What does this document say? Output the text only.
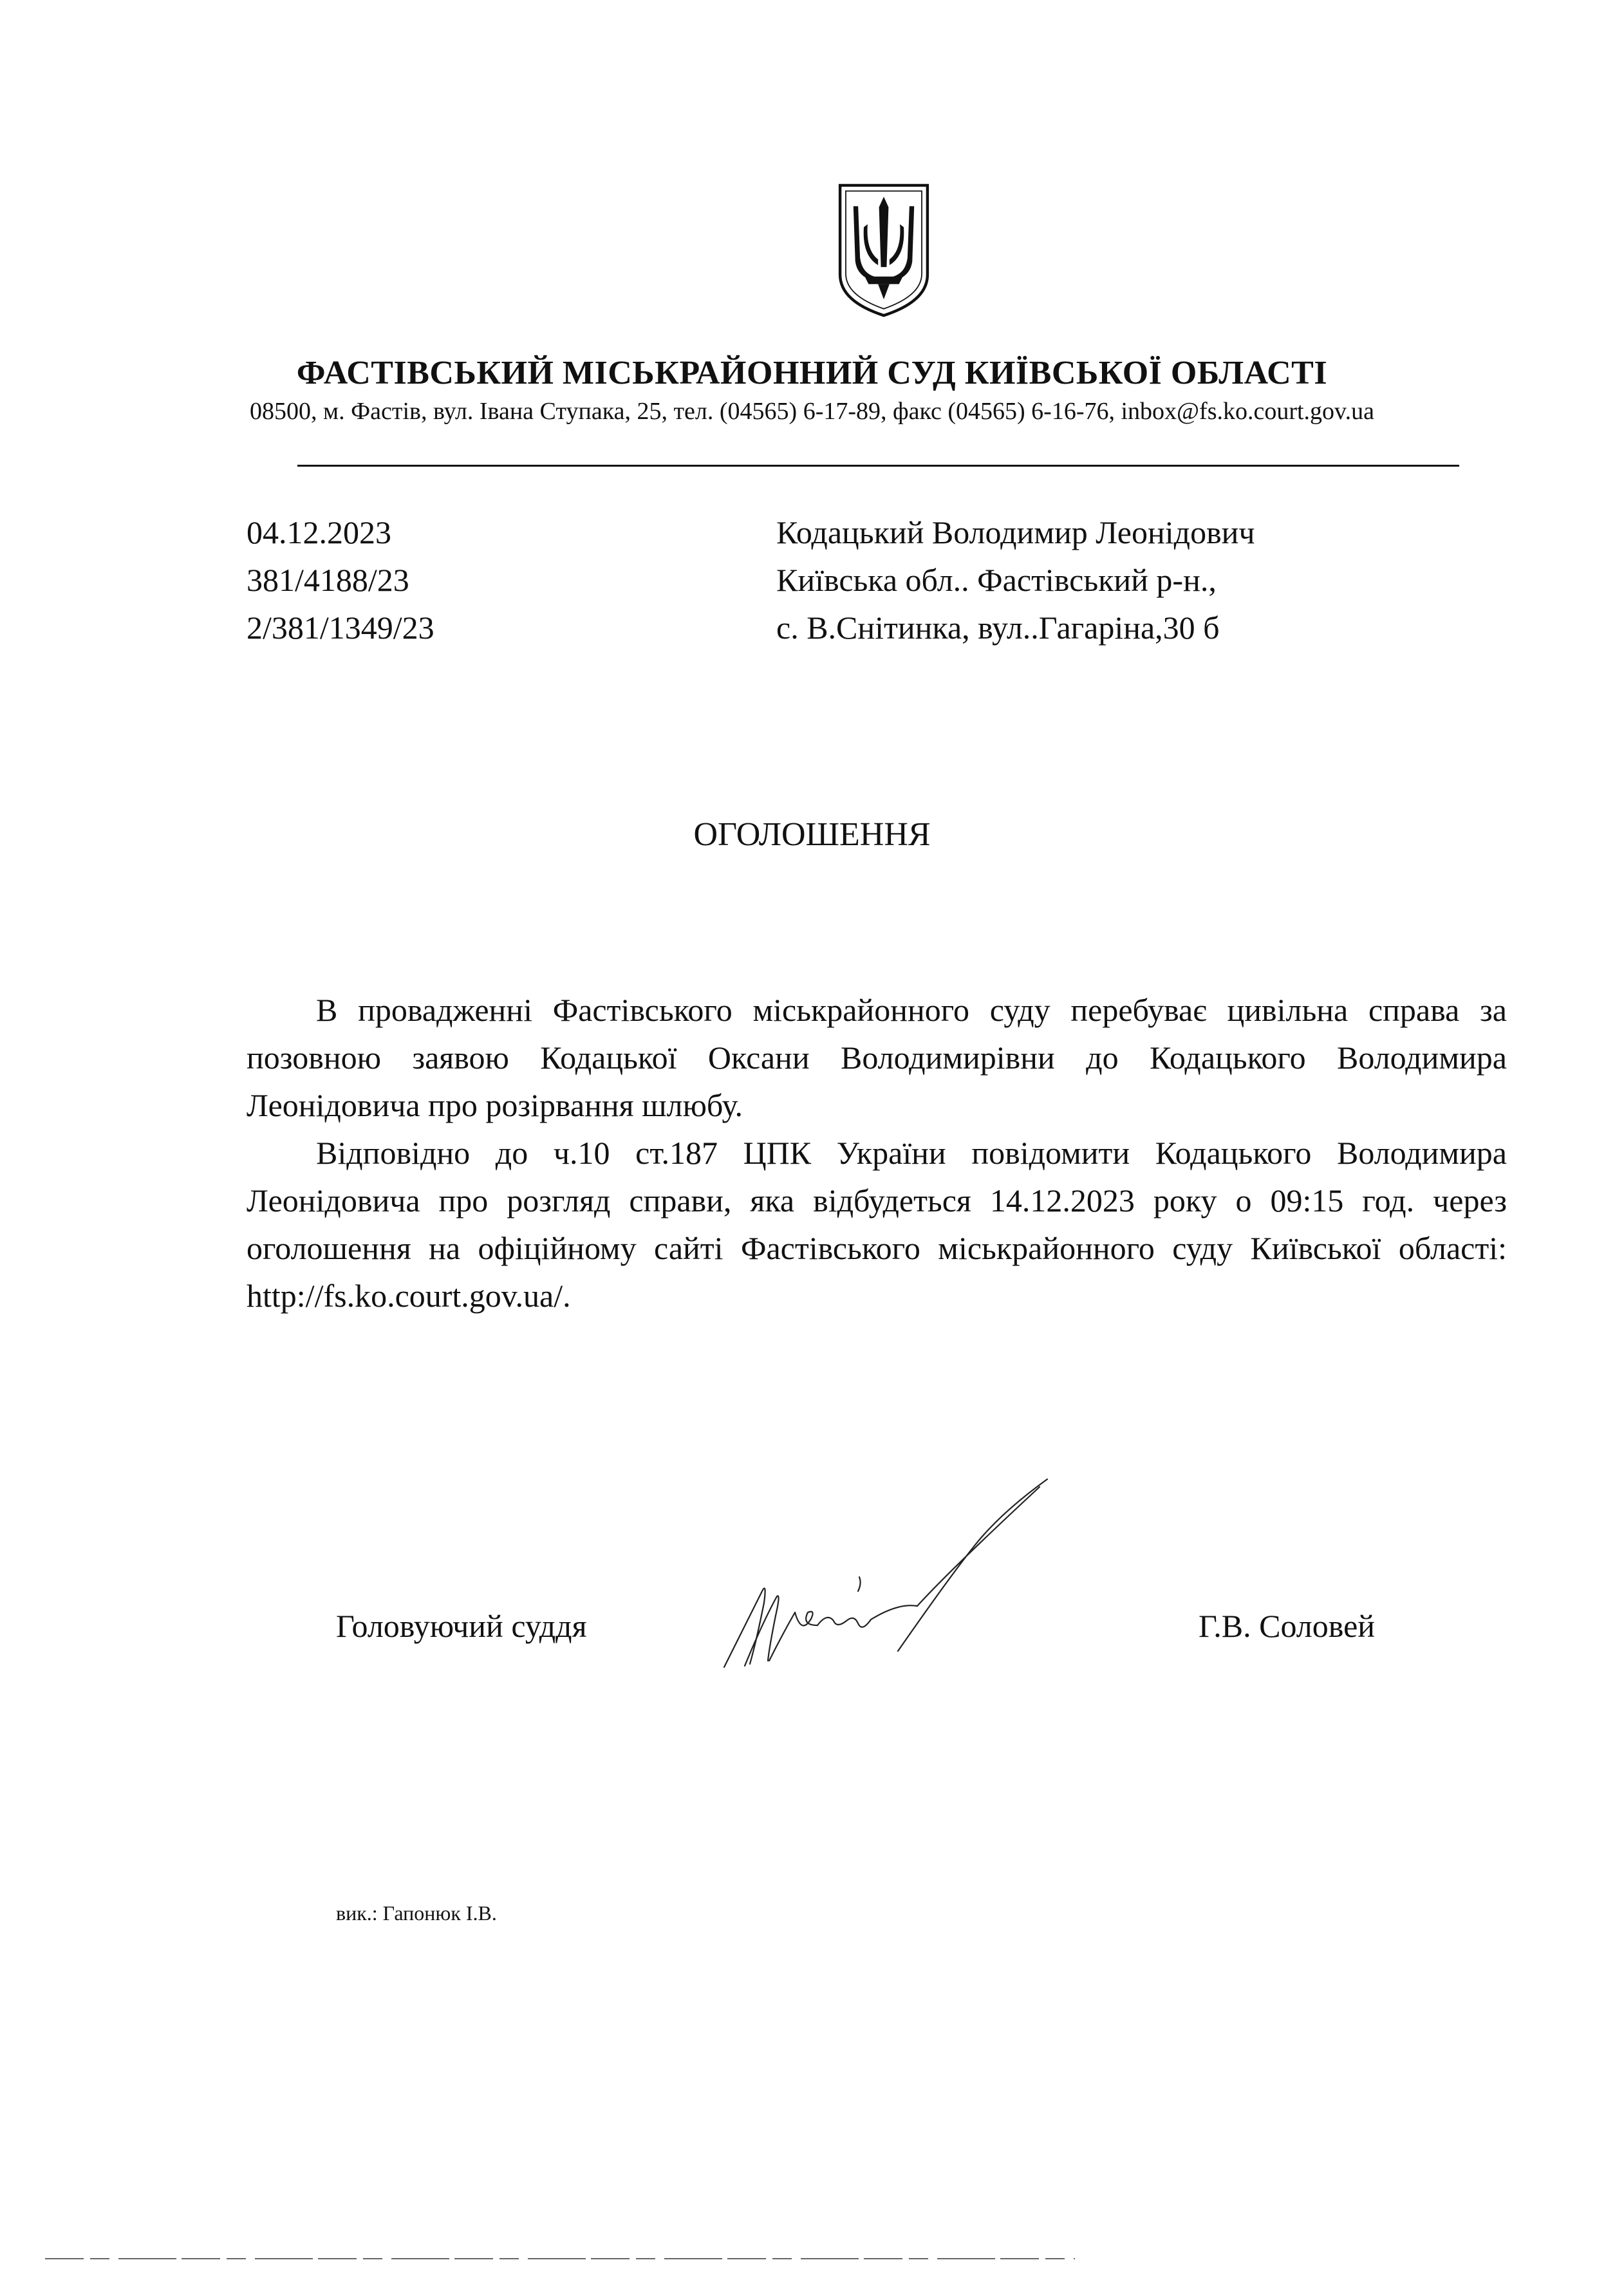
ФАСТІВСЬКИЙ МІСЬКРАЙОННИЙ СУД КИЇВСЬКОЇ ОБЛАСТІ
08500, м. Фастів, вул. Івана Ступака, 25, тел. (04565) 6-17-89, факс (04565) 6-16-76, inbox@fs.ko.court.gov.ua
04.12.2023
381/4188/23
2/381/1349/23
Кодацький Володимир Леонідович
Київська обл.. Фастівський р-н.,
с. В.Снітинка, вул..Гагаріна,30 б
ОГОЛОШЕННЯ

В провадженні Фастівського міськрайонного суду перебуває цивільна справа за позовною заявою Кодацької Оксани Володимирівни до Кодацького Володимира Леонідовича про розірвання шлюбу.

Відповідно до ч.10 ст.187 ЦПК України повідомити Кодацького Володимира Леонідовича про розгляд справи, яка відбудеться 14.12.2023 року о 09:15 год. через оголошення на офіційному сайті Фастівського міськрайонного суду Київської області: http://fs.ko.court.gov.ua/.

Головуючий суддя	Г.В. Соловей
вик.: Гапонюк І.В.
